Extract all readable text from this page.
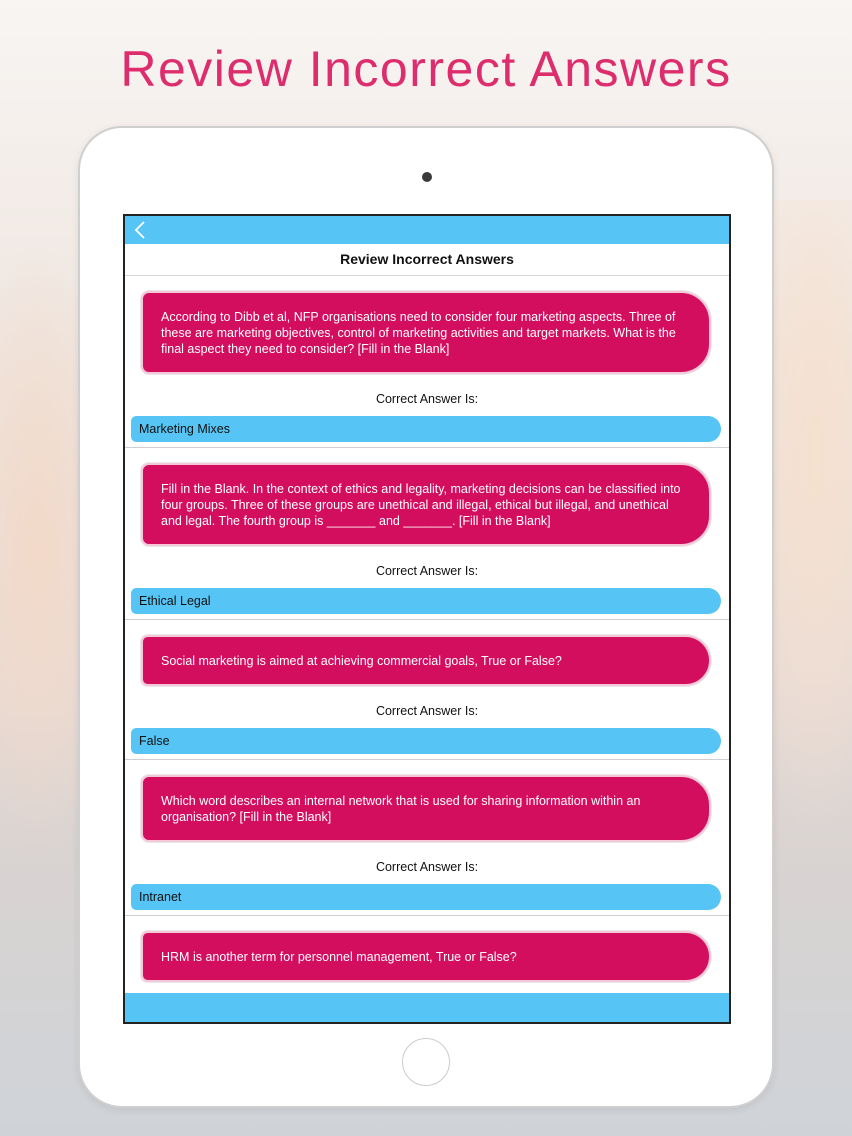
Review Incorrect Answers
Review Incorrect Answers
According to Dibb et al, NFP organisations need to consider four marketing aspects. Three of these are marketing objectives, control of marketing activities and target markets. What is the final aspect they need to consider? [Fill in the Blank]
Correct Answer Is:
Marketing Mixes
Fill in the Blank. In the context of ethics and legality, marketing decisions can be classified into four groups. Three of these groups are unethical and illegal, ethical but illegal, and unethical and legal. The fourth group is _______ and _______. [Fill in the Blank]
Correct Answer Is:
Ethical Legal
Social marketing is aimed at achieving commercial goals, True or False?
Correct Answer Is:
False
Which word describes an internal network that is used for sharing information within an organisation? [Fill in the Blank]
Correct Answer Is:
Intranet
HRM is another term for personnel management, True or False?
